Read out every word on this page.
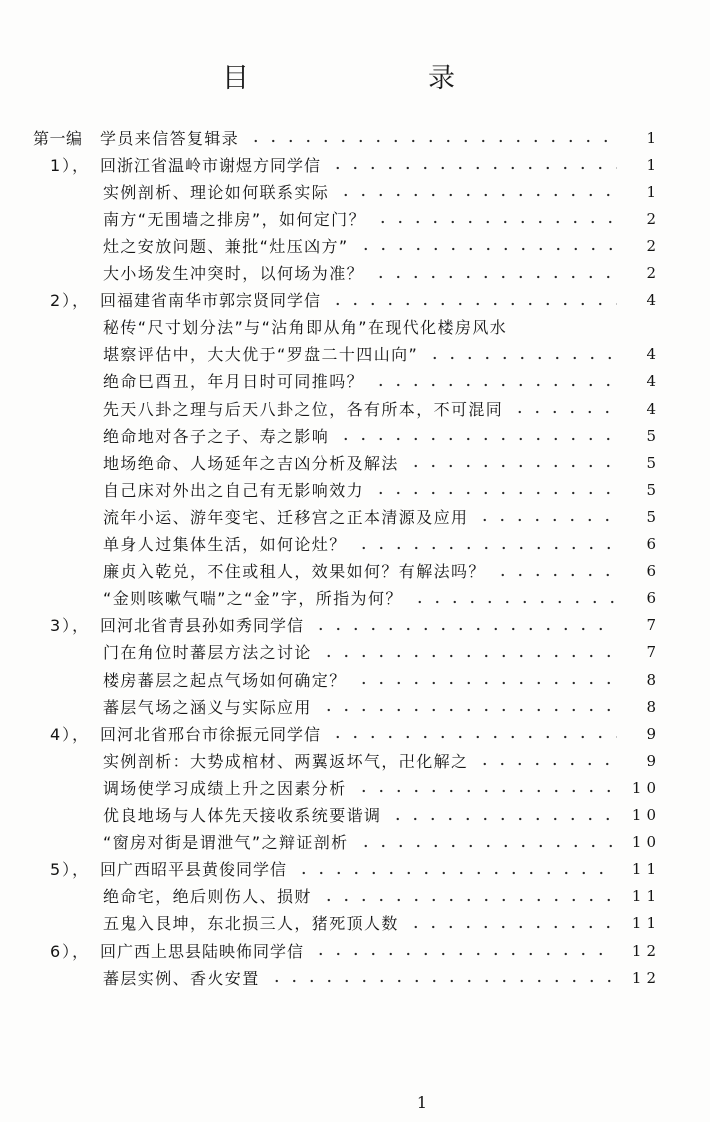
目	录
第一编 学员来信答复辑录	1
1）， 回浙江省温岭市谢煜方同学信	1
实例剖析、理论如何联系实际	1
南方“无围墙之排房”，如何定门？	2
灶之安放问题、兼批“灶压凶方”	2
大小场发生冲突时，以何场为准？	2
2）， 回福建省南华市郭宗贤同学信	4
秘传“尺寸划分法”与“沾角即从角”在现代化楼房风水
堪察评估中，大大优于“罗盘二十四山向”	4
绝命巳酉丑，年月日时可同推吗？	4
先天八卦之理与后天八卦之位，各有所本，不可混同	4
绝命地对各子之子、寿之影响	5
地场绝命、人场延年之吉凶分析及解法	5
自己床对外出之自己有无影响效力	5
流年小运、游年变宅、迁移宫之正本清源及应用	5
单身人过集体生活，如何论灶？	6
廉贞入乾兑，不住或租人，效果如何？有解法吗？	6
“金则咳嗽气喘”之“金”字，所指为何？	6
3）， 回河北省青县孙如秀同学信	7
门在角位时蕃层方法之讨论	7
楼房蕃层之起点气场如何确定？	8
蕃层气场之涵义与实际应用	8
4）， 回河北省邢台市徐振元同学信	9
实例剖析：大势成棺材、两翼返坏气，卍化解之	9
调场使学习成绩上升之因素分析	10
优良地场与人体先天接收系统要谐调	10
“窗房对街是谓泄气”之辩证剖析	10
5）， 回广西昭平县黄俊同学信	11
绝命宅，绝后则伤人、损财	11
五鬼入艮坤，东北损三人，猪死顶人数	11
6）， 回广西上思县陆映佈同学信	12
蕃层实例、香火安置	12
1
